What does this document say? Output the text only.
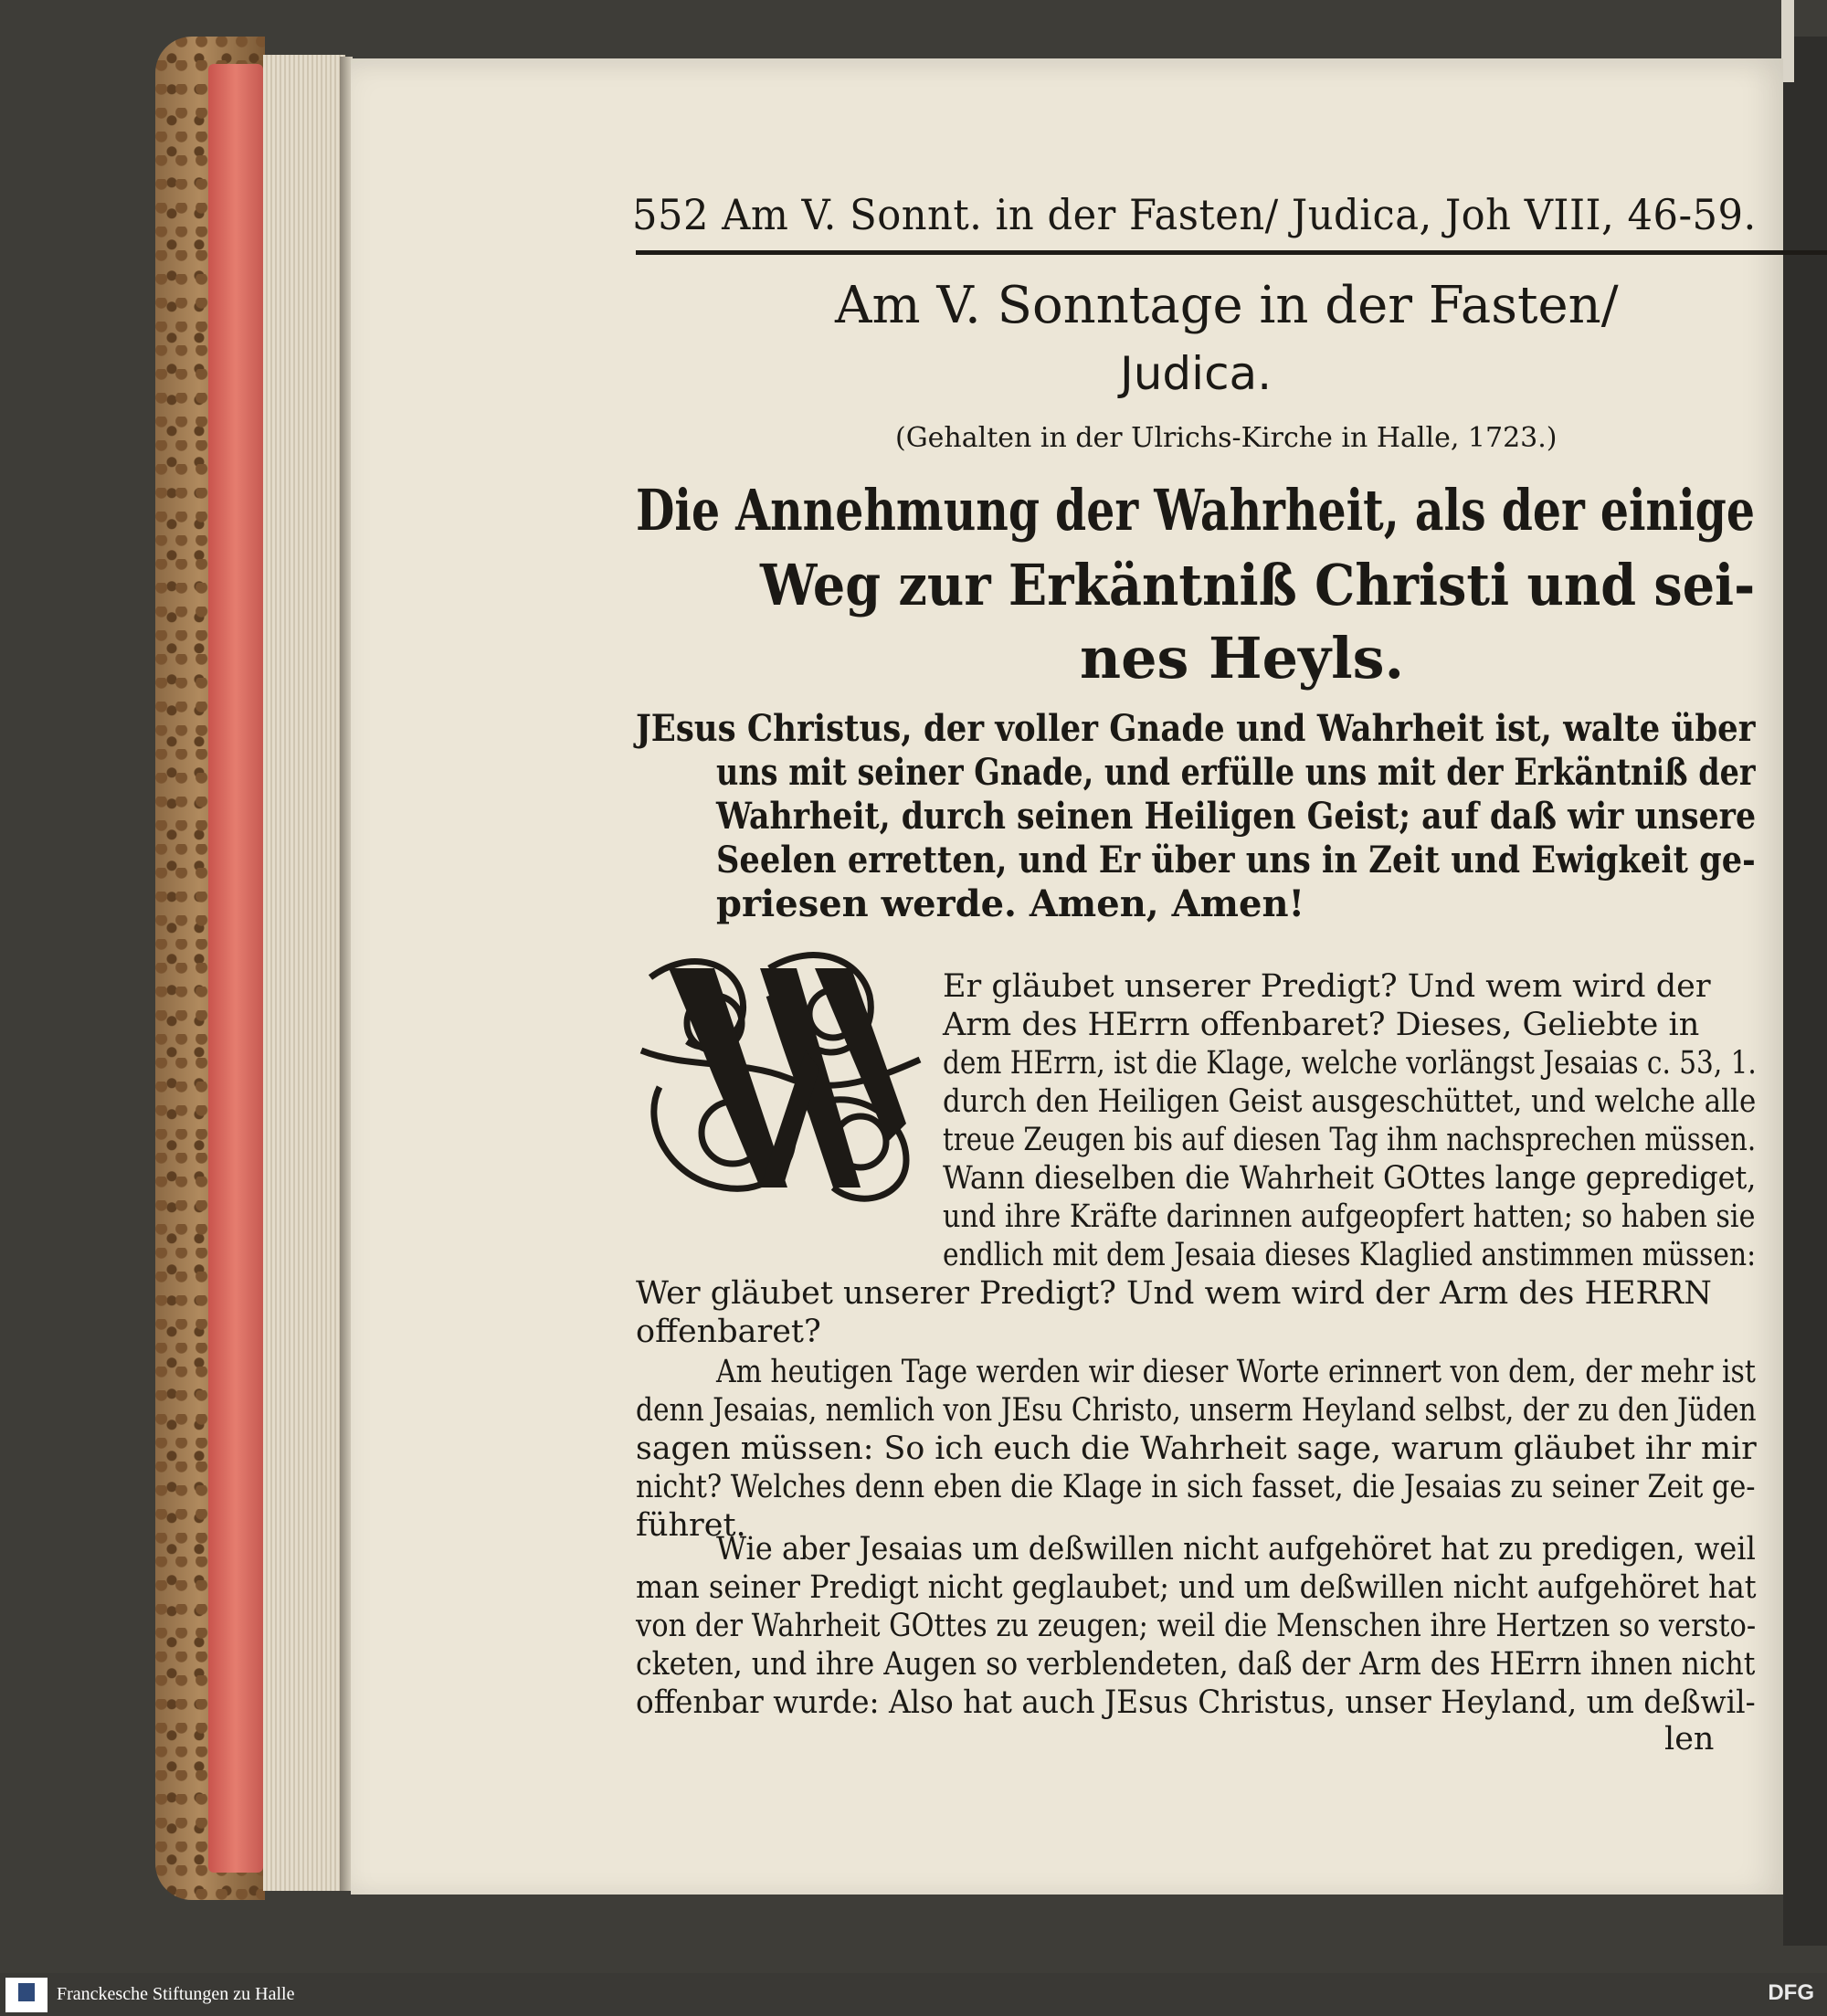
552 Am V. Sonnt. in der Fasten/ Judica, Joh VIII, 46-59.
Am V. Sonntage in der Fasten/
Judica.
(Gehalten in der Ulrichs-Kirche in Halle, 1723.)
Die Annehmung der Wahrheit, als der einige
Weg zur Erkäntniß Christi und sei-
nes Heyls.
JEsus Christus, der voller Gnade und Wahrheit ist, walte über
uns mit seiner Gnade, und erfülle uns mit der Erkäntniß der
Wahrheit, durch seinen Heiligen Geist; auf daß wir unsere
Seelen erretten, und Er über uns in Zeit und Ewigkeit ge-
priesen werde. Amen, Amen!
Er gläubet unserer Predigt? Und wem wird der
Arm des HErrn offenbaret? Dieses, Geliebte in
dem HErrn, ist die Klage, welche vorlängst Jesaias c. 53, 1.
durch den Heiligen Geist ausgeschüttet, und welche alle
treue Zeugen bis auf diesen Tag ihm nachsprechen müssen.
Wann dieselben die Wahrheit GOttes lange geprediget,
und ihre Kräfte darinnen aufgeopfert hatten; so haben sie
endlich mit dem Jesaia dieses Klaglied anstimmen müssen:
Wer gläubet unserer Predigt? Und wem wird der Arm des HERRN
offenbaret?
Am heutigen Tage werden wir dieser Worte erinnert von dem, der mehr ist
denn Jesaias, nemlich von JEsu Christo, unserm Heyland selbst, der zu den Jüden
sagen müssen: So ich euch die Wahrheit sage, warum gläubet ihr mir
nicht? Welches denn eben die Klage in sich fasset, die Jesaias zu seiner Zeit ge-
führet.
Wie aber Jesaias um deßwillen nicht aufgehöret hat zu predigen, weil
man seiner Predigt nicht geglaubet; und um deßwillen nicht aufgehöret hat
von der Wahrheit GOttes zu zeugen; weil die Menschen ihre Hertzen so versto-
cketen, und ihre Augen so verblendeten, daß der Arm des HErrn ihnen nicht
offenbar wurde: Also hat auch JEsus Christus, unser Heyland, um deßwil-
len
Franckesche Stiftungen zu Halle	DFG
